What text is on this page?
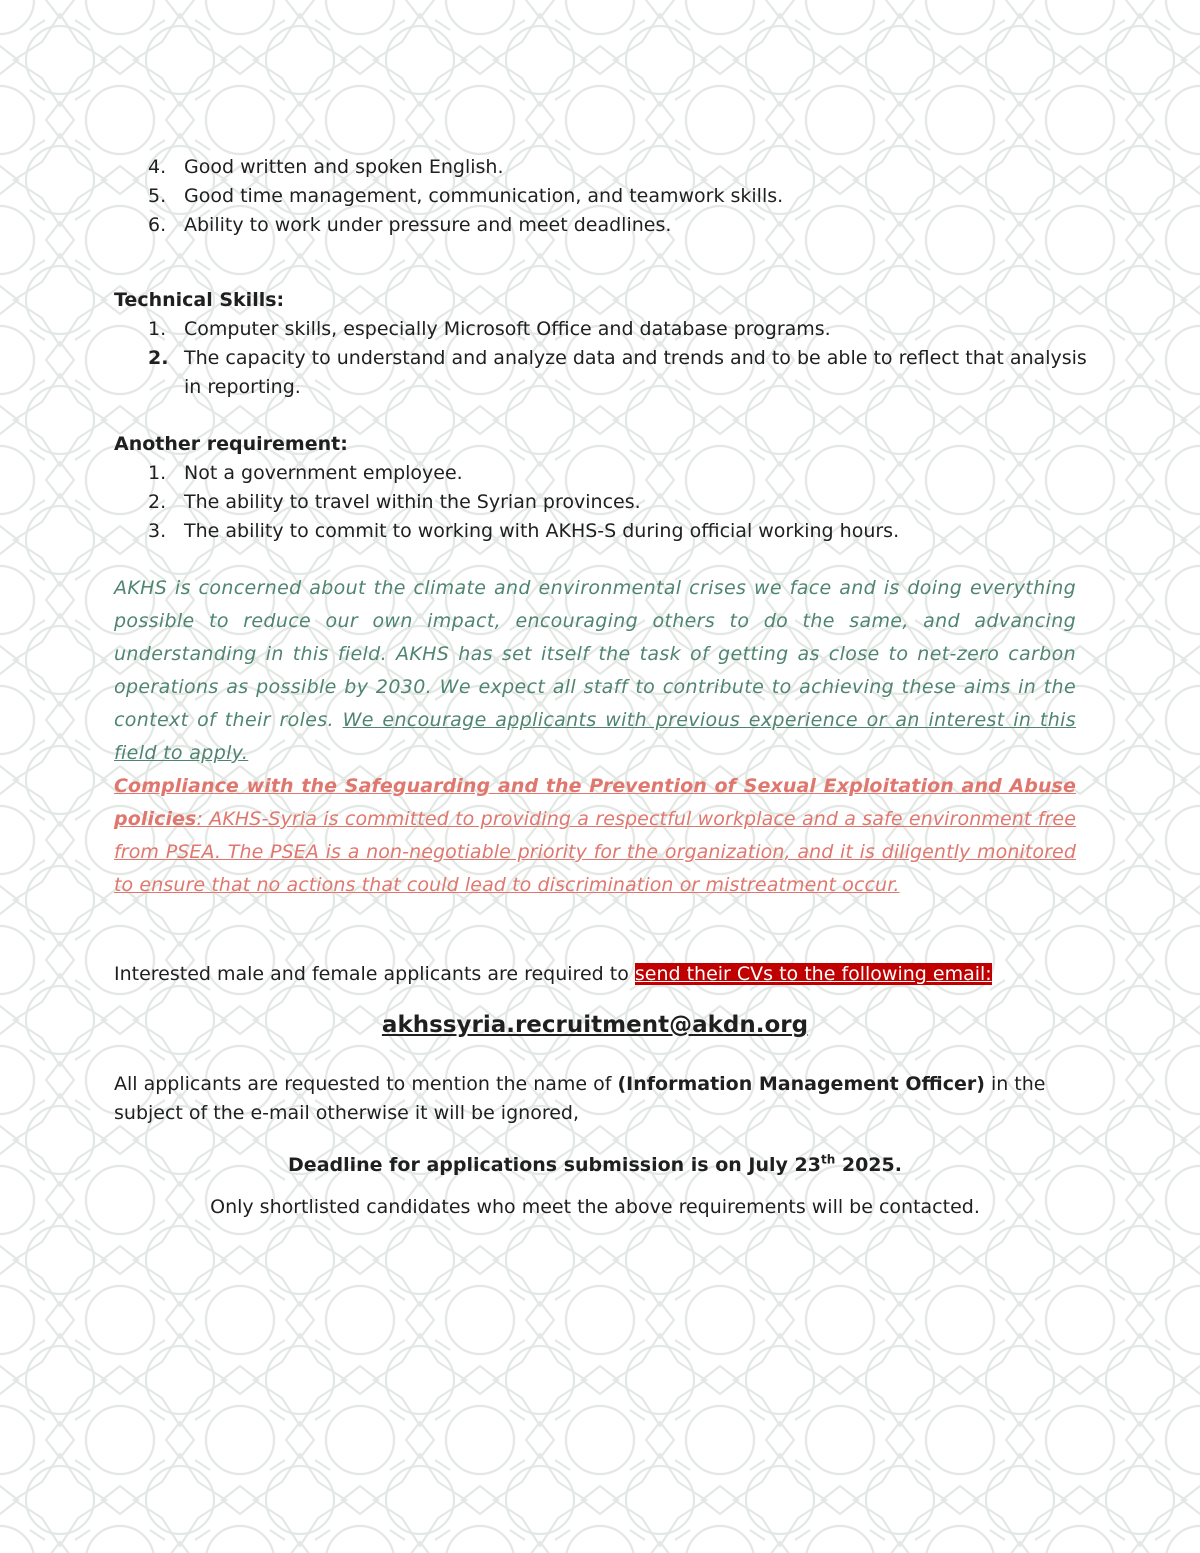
4. Good written and spoken English.
5. Good time management, communication, and teamwork skills.
6. Ability to work under pressure and meet deadlines.
Technical Skills:
1. Computer skills, especially Microsoft Office and database programs.
2. The capacity to understand and analyze data and trends and to be able to reflect that analysis in reporting.
Another requirement:
1. Not a government employee.
2. The ability to travel within the Syrian provinces.
3. The ability to commit to working with AKHS-S during official working hours.

AKHS is concerned about the climate and environmental crises we face and is doing everything possible to reduce our own impact, encouraging others to do the same, and advancing understanding in this field. AKHS has set itself the task of getting as close to net-zero carbon operations as possible by 2030. We expect all staff to contribute to achieving these aims in the context of their roles. We encourage applicants with previous experience or an interest in this field to apply.

Compliance with the Safeguarding and the Prevention of Sexual Exploitation and Abuse policies: AKHS-Syria is committed to providing a respectful workplace and a safe environment free from PSEA. The PSEA is a non-negotiable priority for the organization, and it is diligently monitored to ensure that no actions that could lead to discrimination or mistreatment occur.

Interested male and female applicants are required to send their CVs to the following email:

akhssyria.recruitment@akdn.org

All applicants are requested to mention the name of (Information Management Officer) in the subject of the e-mail otherwise it will be ignored,

Deadline for applications submission is on July 23th 2025.

Only shortlisted candidates who meet the above requirements will be contacted.
